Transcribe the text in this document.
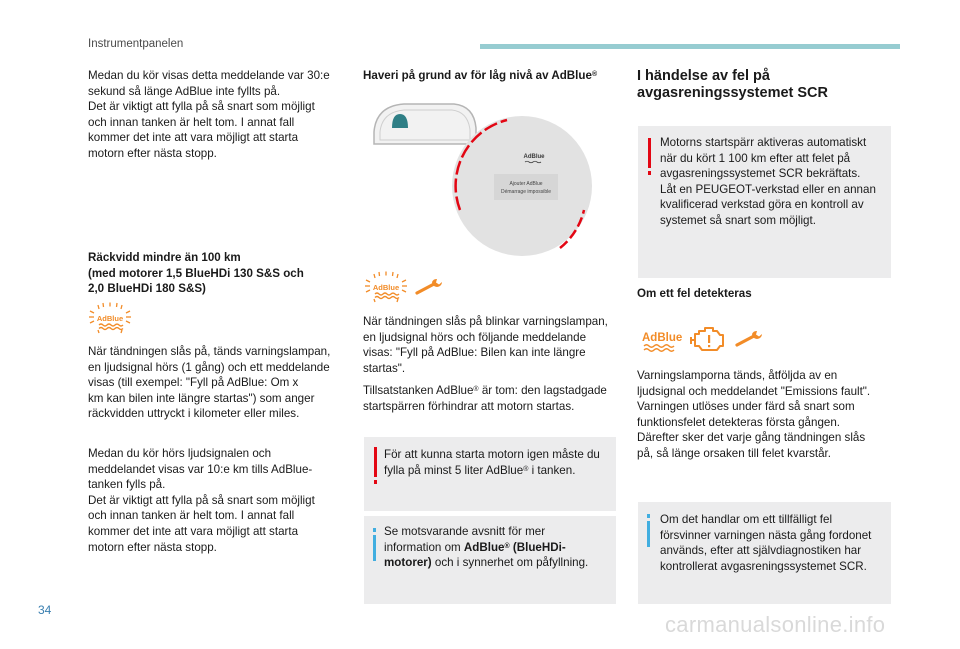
Instrumentpanelen
Medan du kör visas detta meddelande var 30:e
sekund så länge AdBlue inte fyllts på.
Det är viktigt att fylla på så snart som möjligt
och innan tanken är helt tom. I annat fall
kommer det inte att vara möjligt att starta
motorn efter nästa stopp.
Räckvidd mindre än 100 km
(med motorer 1,5 BlueHDi 130 S&S och
2,0 BlueHDi 180 S&S)
AdBlue
När tändningen slås på, tänds varningslampan,
en ljudsignal hörs (1 gång) och ett meddelande
visas (till exempel: "Fyll på AdBlue: Om x
km kan bilen inte längre startas") som anger
räckvidden uttryckt i kilometer eller miles.
Medan du kör hörs ljudsignalen och
meddelandet visas var 10:e km tills AdBlue-
tanken fylls på.
Det är viktigt att fylla på så snart som möjligt
och innan tanken är helt tom. I annat fall
kommer det inte att vara möjligt att starta
motorn efter nästa stopp.
Haveri på grund av för låg nivå av AdBlue®
AdBlue
Ajouter AdBlue
Démarrage impossible
AdBlue
När tändningen slås på blinkar varningslampan,
en ljudsignal hörs och följande meddelande
visas: "Fyll på AdBlue: Bilen kan inte längre
startas".
Tillsatstanken AdBlue® är tom: den lagstadgade
startspärren förhindrar att motorn startas.
För att kunna starta motorn igen måste du
fylla på minst 5 liter AdBlue® i tanken.
Se motsvarande avsnitt för mer
information om AdBlue® (BlueHDi-
motorer) och i synnerhet om påfyllning.
I händelse av fel på
avgasreningssystemet SCR
Motorns startspärr aktiveras automatiskt
när du kört 1 100 km efter att felet på
avgasreningssystemet SCR bekräftats.
Låt en PEUGEOT-verkstad eller en annan
kvalificerad verkstad göra en kontroll av
systemet så snart som möjligt.
Om ett fel detekteras
AdBlue
Varningslamporna tänds, åtföljda av en
ljudsignal och meddelandet "Emissions fault".
Varningen utlöses under färd så snart som
funktionsfelet detekteras första gången.
Därefter sker det varje gång tändningen slås
på, så länge orsaken till felet kvarstår.
Om det handlar om ett tillfälligt fel
försvinner varningen nästa gång fordonet
används, efter att självdiagnostiken har
kontrollerat avgasreningssystemet SCR.
34
carmanualsonline.info
